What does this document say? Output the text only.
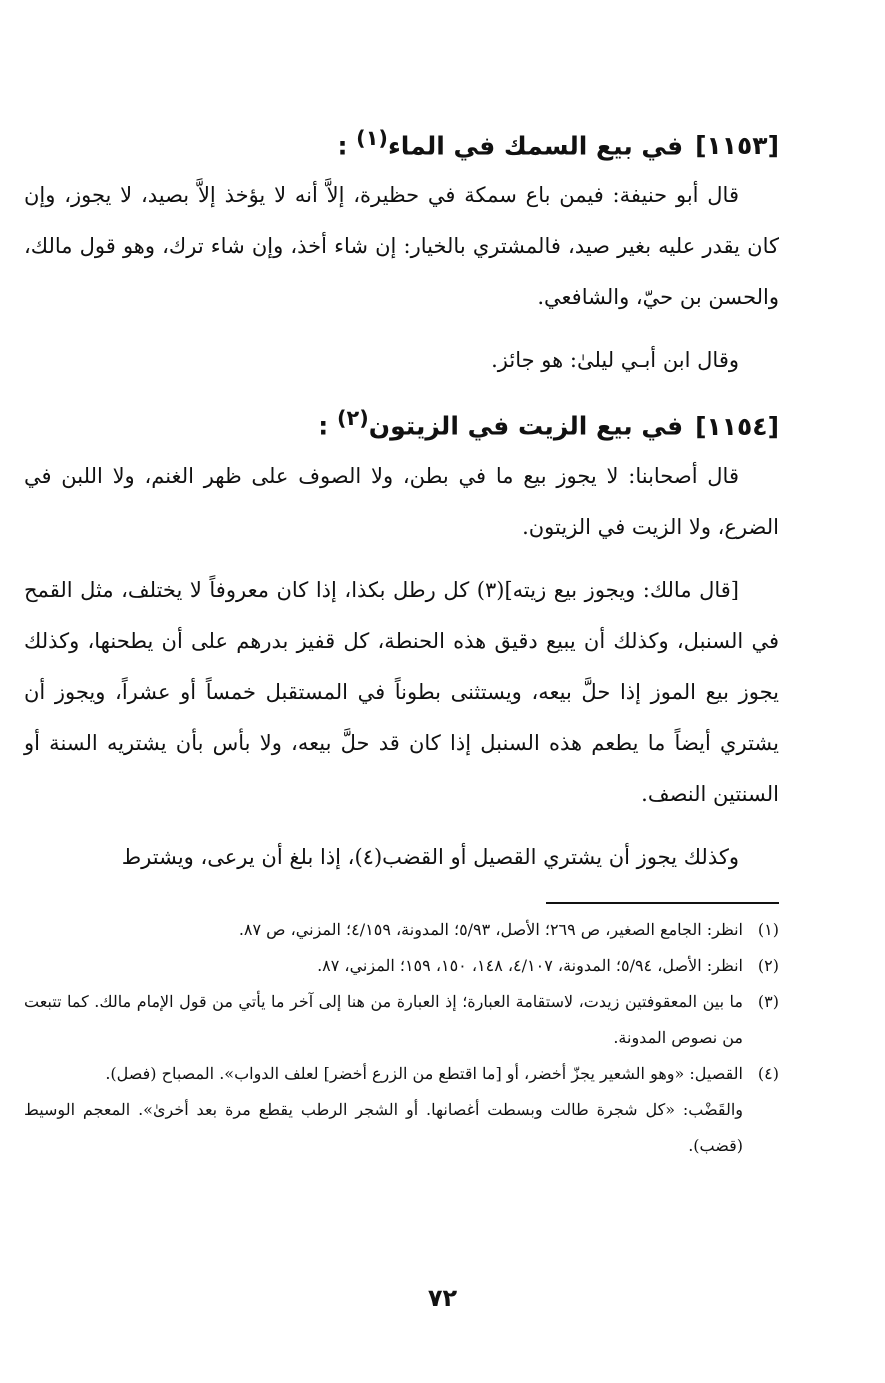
[١١٥٣]في بيع السمك في الماء$^{(١)}$ :

قال أبو حنيفة: فيمن باع سمكة في حظيرة، إلاَّ أنه لا يؤخذ إلاَّ بصيد، لا يجوز، وإن كان يقدر عليه بغير صيد، فالمشتري بالخيار: إن شاء أخذ، وإن شاء ترك، وهو قول مالك، والحسن بن حيّ، والشافعي.

وقال ابن أبـي ليلىٰ: هو جائز.

[١١٥٤]في بيع الزيت في الزيتون$^{(٢)}$ :

قال أصحابنا: لا يجوز بيع ما في بطن، ولا الصوف على ظهر الغنم، ولا اللبن في الضرع، ولا الزيت في الزيتون.

[قال مالك: ويجوز بيع زيته](٣) كل رطل بكذا، إذا كان معروفاً لا يختلف، مثل القمح في السنبل، وكذلك أن يبيع دقيق هذه الحنطة، كل قفيز بدرهم على أن يطحنها، وكذلك يجوز بيع الموز إذا حلَّ بيعه، ويستثنى بطوناً في المستقبل خمساً أو عشراً، ويجوز أن يشتري أيضاً ما يطعم هذه السنبل إذا كان قد حلَّ بيعه، ولا بأس بأن يشتريه السنة أو السنتين النصف.

وكذلك يجوز أن يشتري القصيل أو القضب(٤)، إذا بلغ أن يرعى، ويشترط

(١)
انظر: الجامع الصغير، ص ٢٦٩؛ الأصل، ٥/٩٣؛ المدونة، ٤/١٥٩؛ المزني، ص ٨٧.
(٢)
انظر: الأصل، ٥/٩٤؛ المدونة، ٤/١٠٧، ١٤٨، ١٥٠، ١٥٩؛ المزني، ٨٧.
(٣)
ما بين المعقوفتين زيدت، لاستقامة العبارة؛ إذ العبارة من هنا إلى آخر ما يأتي من قول الإمام مالك. كما تتبعت من نصوص المدونة.
(٤)
القصيل: «وهو الشعير يجزّ أخضر، أو [ما اقتطع من الزرع أخضر] لعلف الدواب». المصباح (فصل).
والقَضْب: «كل شجرة طالت وبسطت أغصانها. أو الشجر الرطب يقطع مرة بعد أخرىٰ». المعجم الوسيط (قضب).
٧٢
